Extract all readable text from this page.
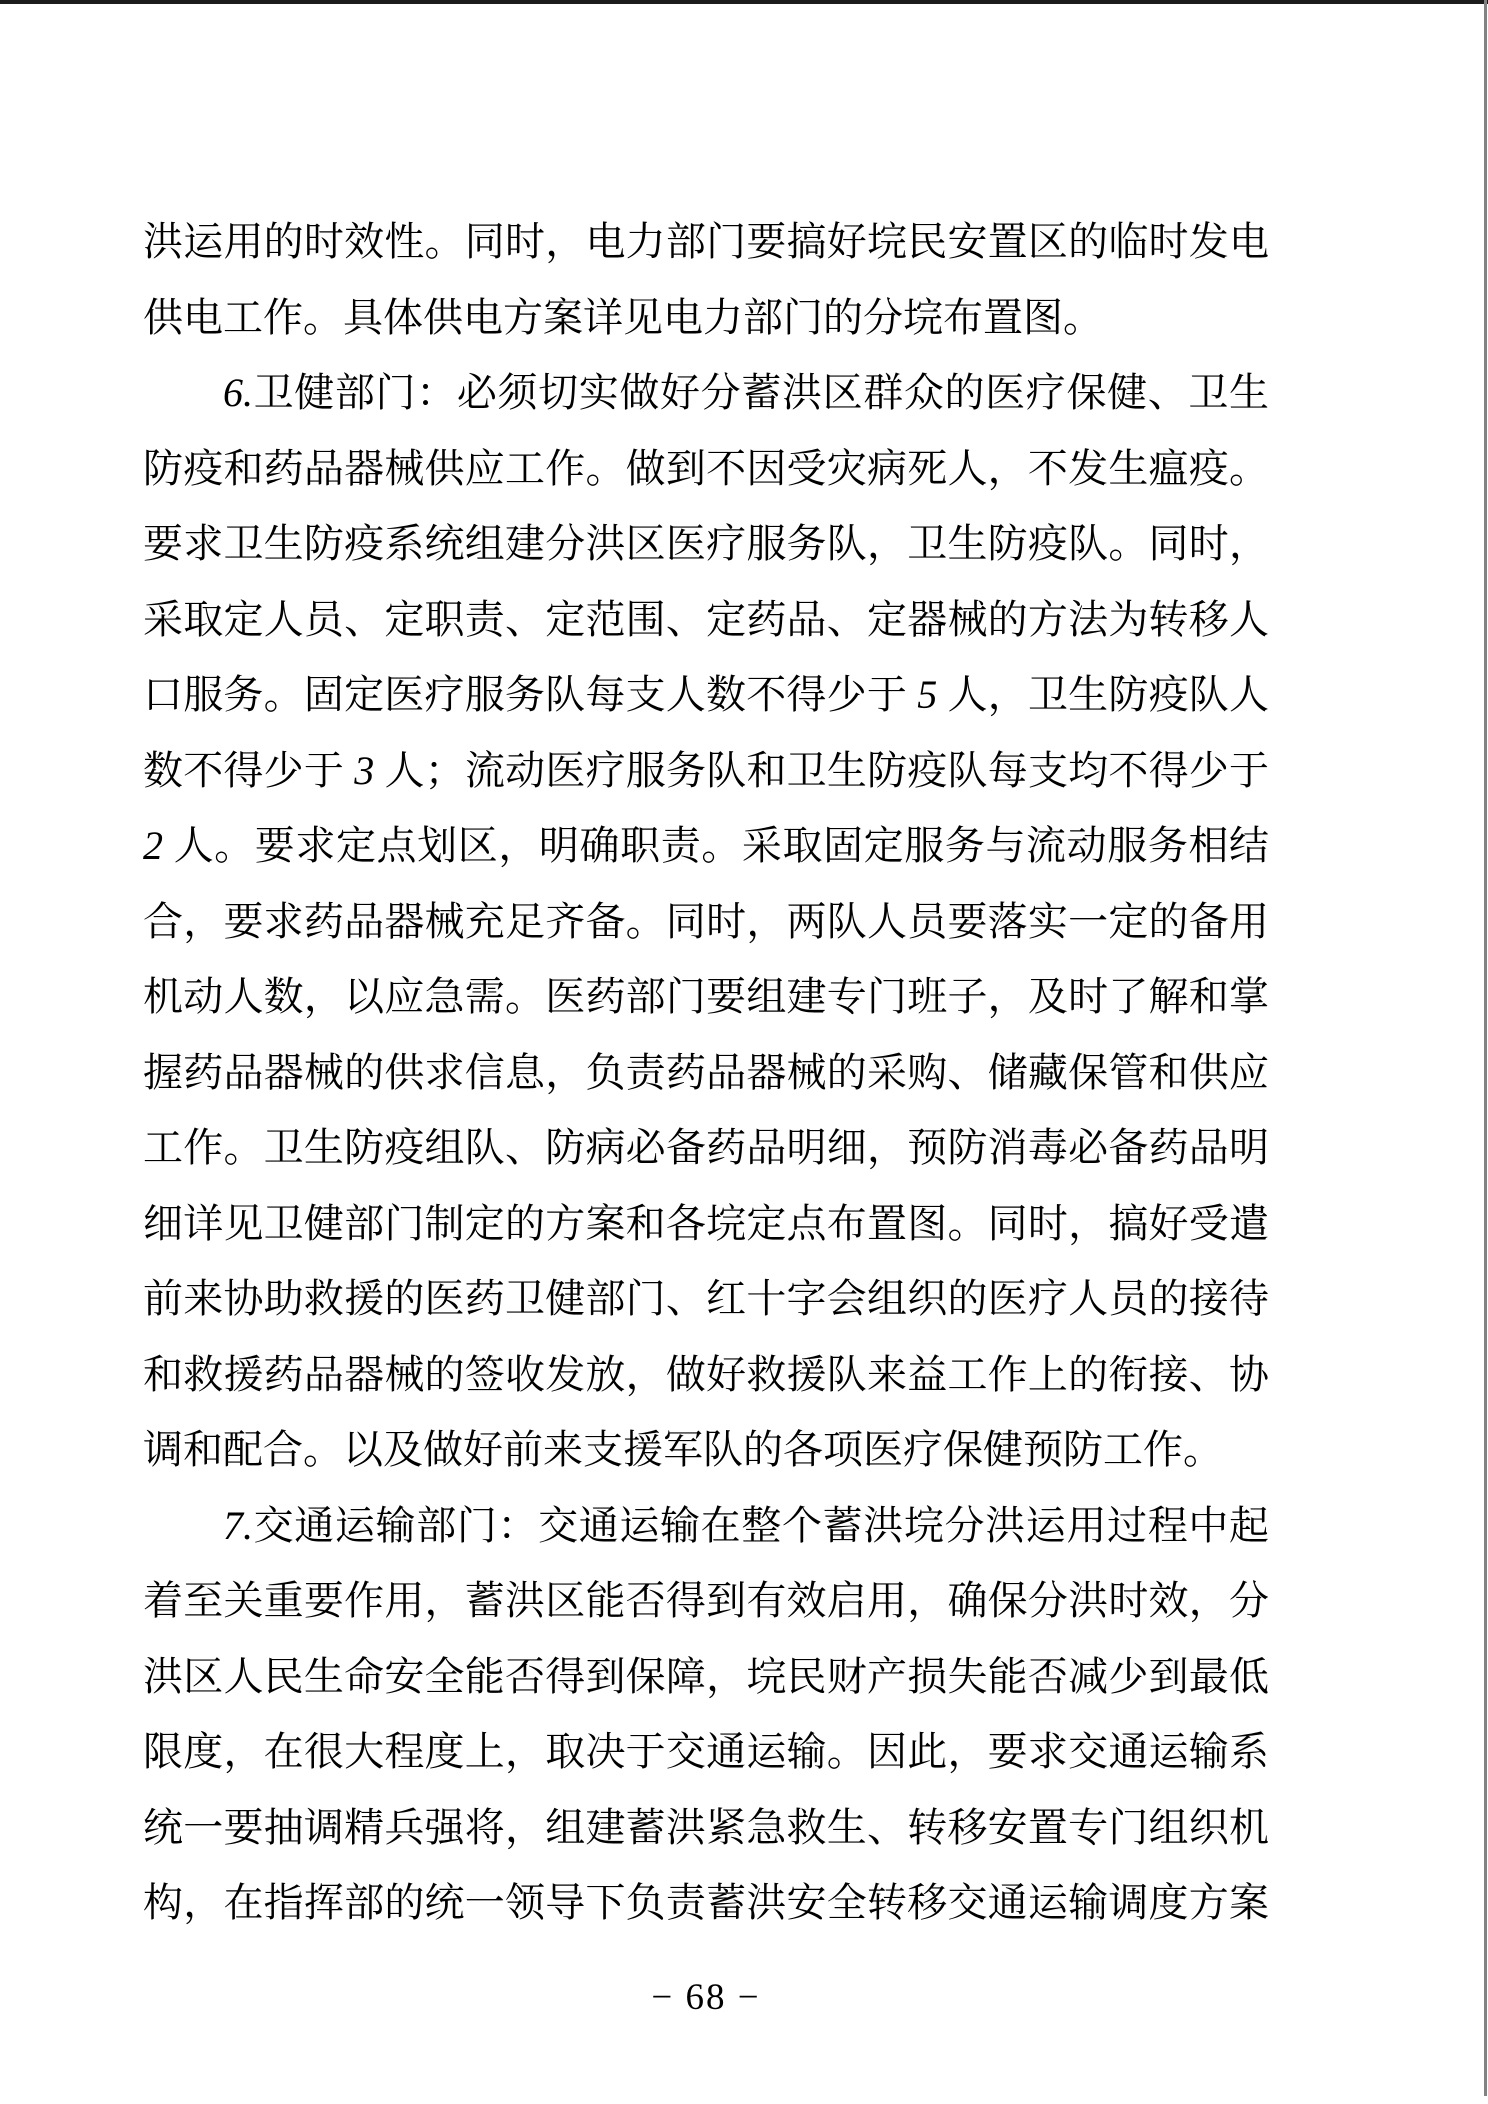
洪运用的时效性。同时，电力部门要搞好垸民安置区的临时发电
供电工作。具体供电方案详见电力部门的分垸布置图。
6.卫健部门：必须切实做好分蓄洪区群众的医疗保健、卫生
防疫和药品器械供应工作。做到不因受灾病死人，不发生瘟疫。
要求卫生防疫系统组建分洪区医疗服务队，卫生防疫队。同时，
采取定人员、定职责、定范围、定药品、定器械的方法为转移人
口服务。固定医疗服务队每支人数不得少于 5 人，卫生防疫队人
数不得少于 3 人；流动医疗服务队和卫生防疫队每支均不得少于
2 人。要求定点划区，明确职责。采取固定服务与流动服务相结
合，要求药品器械充足齐备。同时，两队人员要落实一定的备用
机动人数，以应急需。医药部门要组建专门班子，及时了解和掌
握药品器械的供求信息，负责药品器械的采购、储藏保管和供应
工作。卫生防疫组队、防病必备药品明细，预防消毒必备药品明
细详见卫健部门制定的方案和各垸定点布置图。同时，搞好受遣
前来协助救援的医药卫健部门、红十字会组织的医疗人员的接待
和救援药品器械的签收发放，做好救援队来益工作上的衔接、协
调和配合。以及做好前来支援军队的各项医疗保健预防工作。
7.交通运输部门：交通运输在整个蓄洪垸分洪运用过程中起
着至关重要作用，蓄洪区能否得到有效启用，确保分洪时效，分
洪区人民生命安全能否得到保障，垸民财产损失能否减少到最低
限度，在很大程度上，取决于交通运输。因此，要求交通运输系
统一要抽调精兵强将，组建蓄洪紧急救生、转移安置专门组织机
构，在指挥部的统一领导下负责蓄洪安全转移交通运输调度方案
− 68 −
